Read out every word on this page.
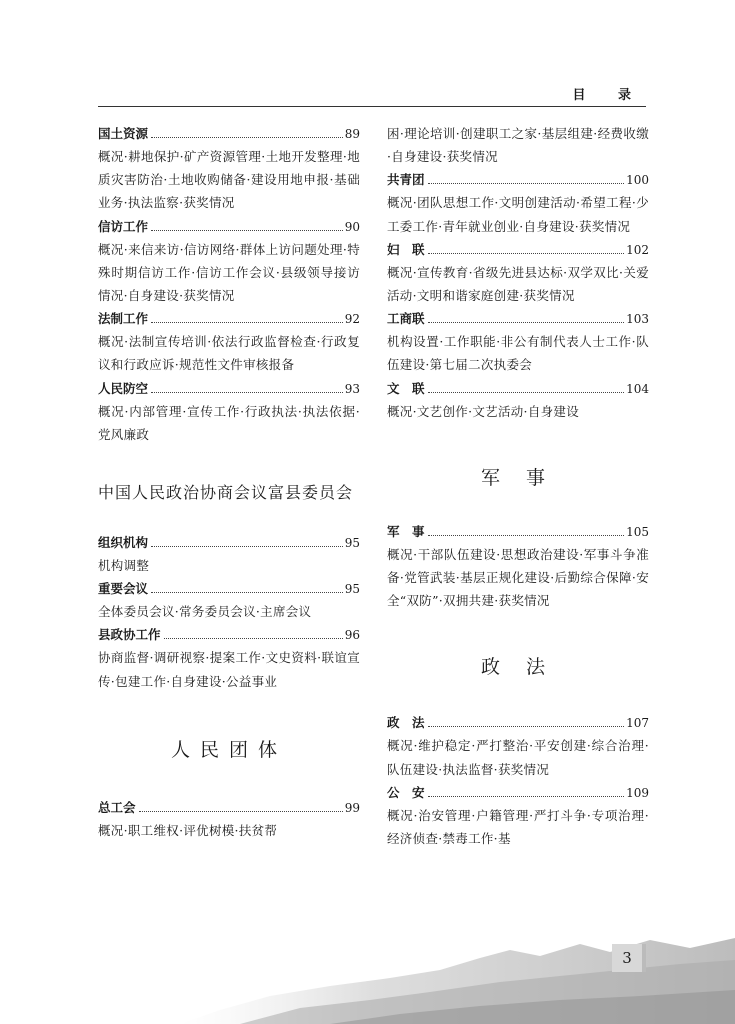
目 录
国土资源	89
概况·耕地保护·矿产资源管理·土地开发整理·地质灾害防治·土地收购储备·建设用地申报·基础业务·执法监察·获奖情况
信访工作	90
概况·来信来访·信访网络·群体上访问题处理·特殊时期信访工作·信访工作会议·县级领导接访情况·自身建设·获奖情况
法制工作	92
概况·法制宣传培训·依法行政监督检查·行政复议和行政应诉·规范性文件审核报备
人民防空	93
概况·内部管理·宣传工作·行政执法·执法依据·党风廉政
中国人民政治协商会议富县委员会
组织机构	95
机构调整
重要会议	95
全体委员会议·常务委员会议·主席会议
县政协工作	96
协商监督·调研视察·提案工作·文史资料·联谊宣传·包建工作·自身建设·公益事业
人民团体
总工会	99
概况·职工维权·评优树模·扶贫帮
困·理论培训·创建职工之家·基层组建·经费收缴·自身建设·获奖情况
共青团	100
概况·团队思想工作·文明创建活动·希望工程·少工委工作·青年就业创业·自身建设·获奖情况
妇　联	102
概况·宣传教育·省级先进县达标·双学双比·关爱活动·文明和谐家庭创建·获奖情况
工商联	103
机构设置·工作职能·非公有制代表人士工作·队伍建设·第七届二次执委会
文　联	104
概况·文艺创作·文艺活动·自身建设
军 事
军　事	105
概况·干部队伍建设·思想政治建设·军事斗争准备·党管武装·基层正规化建设·后勤综合保障·安全“双防”·双拥共建·获奖情况
政 法
政　法	107
概况·维护稳定·严打整治·平安创建·综合治理·队伍建设·执法监督·获奖情况
公　安	109
概况·治安管理·户籍管理·严打斗争·专项治理·经济侦查·禁毒工作·基
3
